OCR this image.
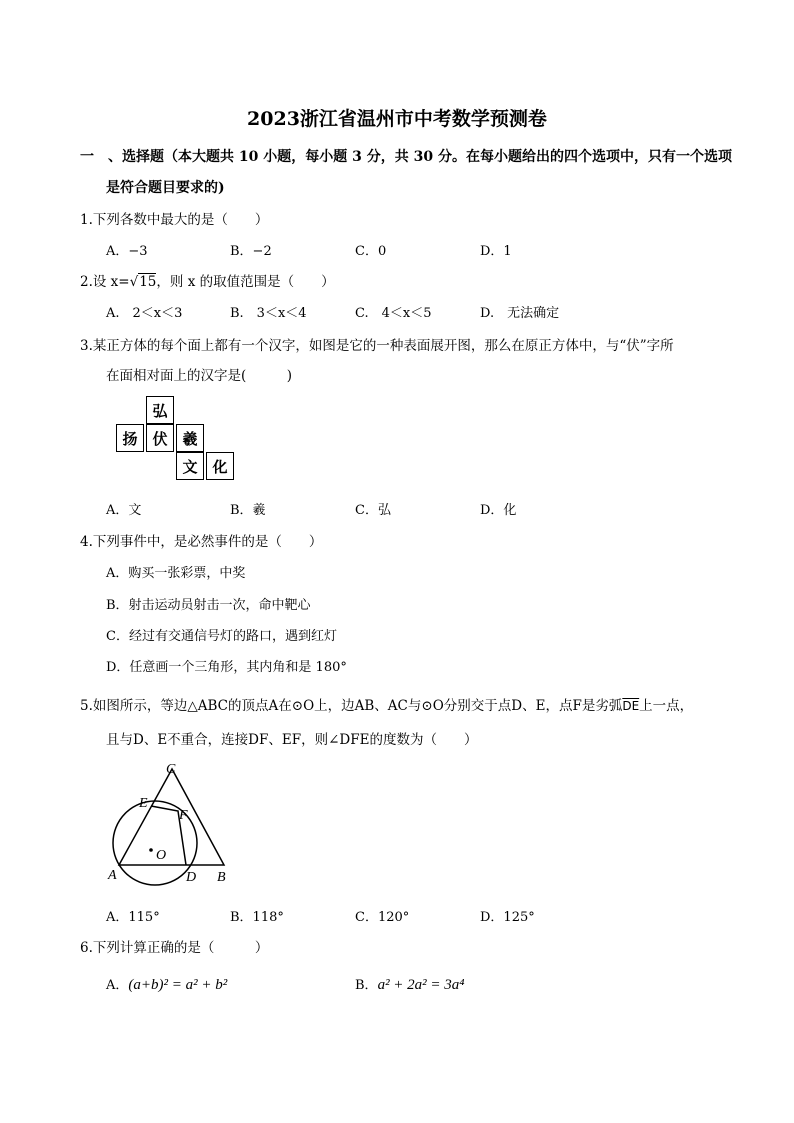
2023浙江省温州市中考数学预测卷
一　、选择题（本大题共 10 小题，每小题 3 分，共 30 分。在每小题给出的四个选项中，只有一个选项
是符合题目要求的)
1.下列各数中最大的是（　　）
A．−3	B．−2	C．0	D．1
2.设 x=√15，则 x 的取值范围是（　　）
A.　2＜x＜3	B.　3＜x＜4	C.　4＜x＜5	D.　无法确定
3.某正方体的每个面上都有一个汉字，如图是它的一种表面展开图，那么在原正方体中，与“伏”字所
在面相对面上的汉字是(　　　)
弘
扬 伏 羲
文 化
A．文	B．羲	C．弘	D．化
4.下列事件中，是必然事件的是（　　）
A．购买一张彩票，中奖
B．射击运动员射击一次，命中靶心
C．经过有交通信号灯的路口，遇到红灯
D．任意画一个三角形，其内角和是 180°
5.如图所示，等边△ABC的顶点A在⊙O上，边AB、AC与⊙O分别交于点D、E，点F是劣弧$\overline{DE}$上一点，
且与D、E不重合，连接DF、EF，则∠DFE的度数为（　　）
C
E
F
O
A	D B
A．115°	B．118°	C．120°	D．125°
6.下列计算正确的是（　　　）
A．(a+b)² = a² + b²	B．a² + 2a² = 3a⁴
